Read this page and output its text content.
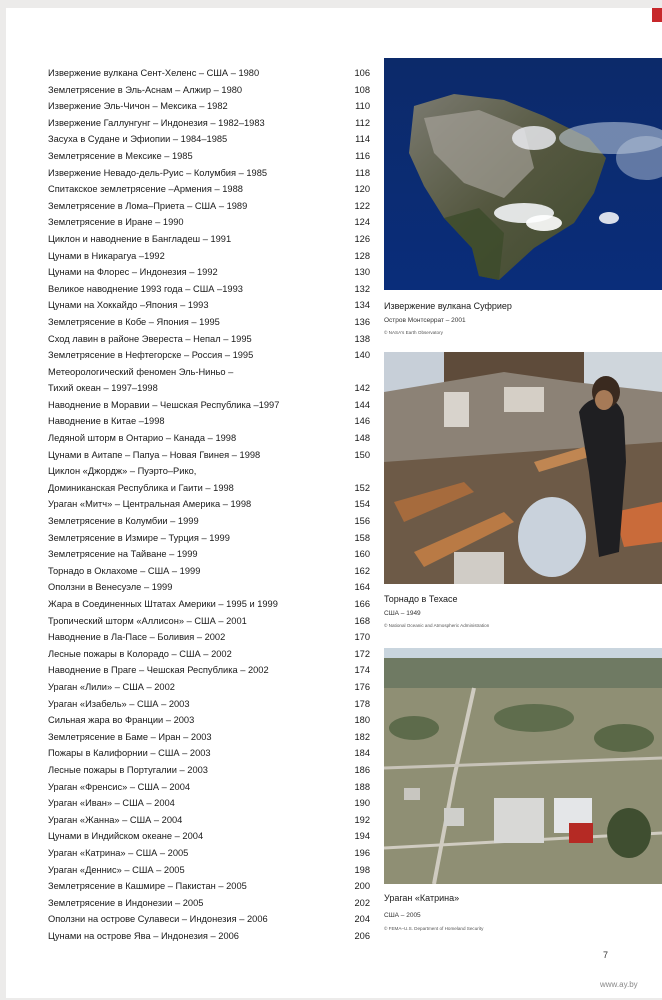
Извержение вулкана Сент-Хеленс – США – 1980	106
Землетрясение в Эль-Аснам – Алжир – 1980	108
Извержение Эль-Чичон – Мексика – 1982	110
Извержение Галлунгунг – Индонезия – 1982–1983	112
Засуха в Судане и Эфиопии – 1984–1985	114
Землетрясение в Мексике – 1985	116
Извержение Невадо-дель-Руис – Колумбия – 1985	118
Спитакское землетрясение –Армения – 1988	120
Землетрясение в Лома–Приета – США – 1989	122
Землетрясение в Иране – 1990	124
Циклон и наводнение в Бангладеш – 1991	126
Цунами в Никарагуа –1992	128
Цунами на Флорес – Индонезия – 1992	130
Великое наводнение 1993 года – США –1993	132
Цунами на Хоккайдо –Япония – 1993	134
Землетрясение в Кобе – Япония – 1995	136
Сход лавин в районе Эвереста – Непал – 1995	138
Землетрясение в Нефтегорске – Россия – 1995	140
Метеорологический феномен Эль-Ниньо –
Тихий океан – 1997–1998	142
Наводнение в Моравии – Чешская Республика –1997	144
Наводнение в Китае –1998	146
Ледяной шторм в Онтарио – Канада – 1998	148
Цунами в Аитапе – Папуа – Новая Гвинея – 1998	150
Циклон «Джордж» – Пуэрто–Рико,
Доминиканская Республика и Гаити – 1998	152
Ураган «Митч» – Центральная Америка – 1998	154
Землетрясение в Колумбии – 1999	156
Землетрясение в Измире – Турция – 1999	158
Землетрясение на Тайване – 1999	160
Торнадо в Оклахоме – США – 1999	162
Оползни в Венесуэле – 1999	164
Жара в Соединенных Штатах Америки – 1995 и 1999	166
Тропический шторм «Аллисон» – США – 2001	168
Наводнение в Ла-Пасе – Боливия – 2002	170
Лесные пожары в Колорадо – США – 2002	172
Наводнение в Праге – Чешская Республика – 2002	174
Ураган «Лили» – США – 2002	176
Ураган «Изабель» – США – 2003	178
Сильная жара во Франции – 2003	180
Землетрясение в Баме – Иран – 2003	182
Пожары в Калифорнии – США – 2003	184
Лесные пожары в Португалии – 2003	186
Ураган «Френсис» – США – 2004	188
Ураган «Иван» – США – 2004	190
Ураган «Жанна» – США – 2004	192
Цунами в Индийском океане – 2004	194
Ураган «Катрина» – США – 2005	196
Ураган «Деннис» – США – 2005	198
Землетрясение в Кашмире – Пакистан – 2005	200
Землетрясение в Индонезии – 2005	202
Оползни на острове Сулавеси – Индонезия – 2006	204
Цунами на острове Ява – Индонезия – 2006	206
Извержение вулкана Суфриер
Остров Монтсеррат – 2001
© NASA's Earth Observatory
Торнадо в Техасе
США – 1949
© National Oceanic and Atmospheric Administration
Ураган «Катрина»
США – 2005
© FEMA–U.S. Department of Homeland Security
7
www.ay.by
